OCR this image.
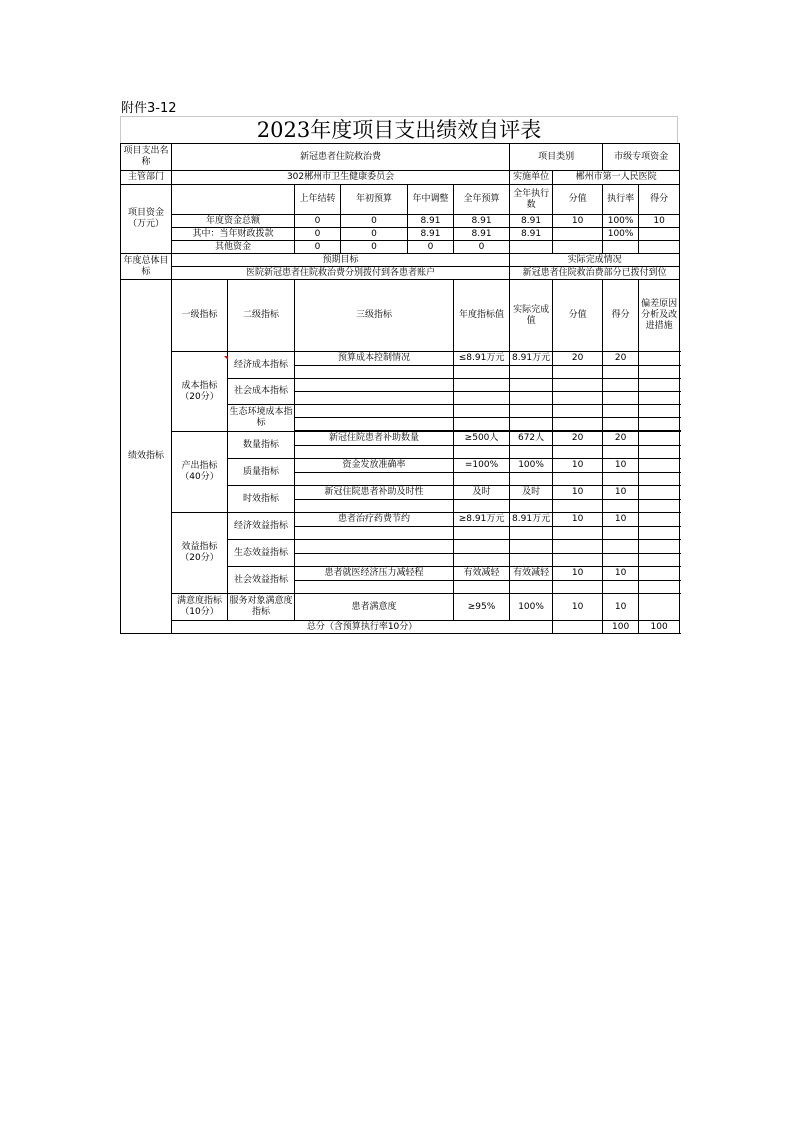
附件3-12
2023年度项目支出绩效自评表
项目支出名称	新冠患者住院救治费						项目类别		市级专项资金		
主管部门	302郴州市卫生健康委员会						实施单位	郴州市第一人民医院			
项目资金（万元）			上年结转	年初预算	年中调整	全年预算	全年执行数	分值	执行率	得分	
	年度资金总额		0	0	8.91	8.91	8.91	10	100%	10	
	其中：当年财政拨款		0	0	8.91	8.91	8.91		100%		
	其他资金		0	0	0	0					
年度总体目标	预期目标						实际完成情况				
	医院新冠患者住院救治费分别拨付到各患者账户						新冠患者住院救治费部分已拨付到位				
绩效指标	一级指标	二级指标	三级指标			年度指标值	实际完成值	分值	得分	偏差原因分析及改进措施	
	成本指标（20分）	经济成本指标	预算成本控制情况			≤8.91万元	8.91万元	20	20		

		社会成本指标									

		生态环境成本指标									

	产出指标（40分）	数量指标	新冠住院患者补助数量			≥500人	672人	20	20		

		质量指标	资金发放准确率			=100%	100%	10	10		

		时效指标	新冠住院患者补助及时性			及时	及时	10	10		

	效益指标（20分）	经济效益指标	患者治疗药费节约			≥8.91万元	8.91万元	10	10		

		生态效益指标									

		社会效益指标	患者就医经济压力减轻程			有效减轻	有效减轻	10	10		

	满意度指标（10分）	服务对象满意度指标	患者满意度			≥95%	100%	10	10		
	总分（含预算执行率10分）								100	100	
